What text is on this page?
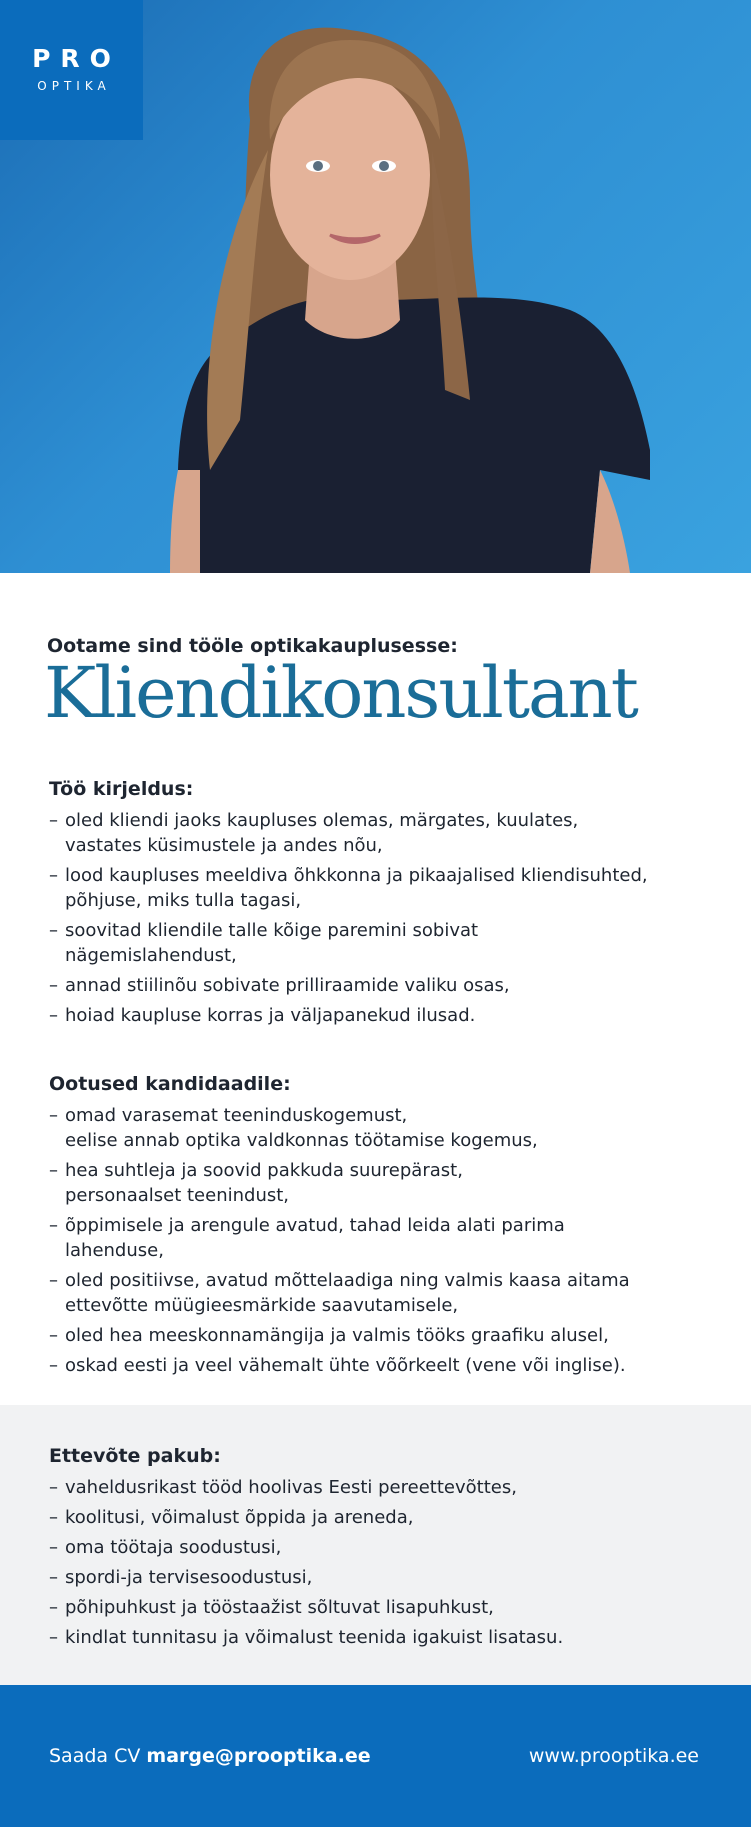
PRO
OPTIKA
Ootame sind tööle optikakauplusesse:
Kliendikonsultant
Töö kirjeldus:
– oled kliendi jaoks kaupluses olemas, märgates, kuulates,
vastates küsimustele ja andes nõu,
– lood kaupluses meeldiva õhkkonna ja pikaajalised kliendisuhted,
põhjuse, miks tulla tagasi,
– soovitad kliendile talle kõige paremini sobivat
nägemislahendust,
– annad stiilinõu sobivate prilliraamide valiku osas,
– hoiad kaupluse korras ja väljapanekud ilusad.
Ootused kandidaadile:
– omad varasemat teeninduskogemust,
eelise annab optika valdkonnas töötamise kogemus,
– hea suhtleja ja soovid pakkuda suurepärast,
personaalset teenindust,
– õppimisele ja arengule avatud, tahad leida alati parima
lahenduse,
– oled positiivse, avatud mõttelaadiga ning valmis kaasa aitama
ettevõtte müügieesmärkide saavutamisele,
– oled hea meeskonnamängija ja valmis tööks graafiku alusel,
– oskad eesti ja veel vähemalt ühte võõrkeelt (vene või inglise).
Ettevõte pakub:
– vaheldusrikast tööd hoolivas Eesti pereettevõttes,
– koolitusi, võimalust õppida ja areneda,
– oma töötaja soodustusi,
– spordi-ja tervisesoodustusi,
– põhipuhkust ja tööstaažist sõltuvat lisapuhkust,
– kindlat tunnitasu ja võimalust teenida igakuist lisatasu.
Saada CV marge@prooptika.ee	www.prooptika.ee
